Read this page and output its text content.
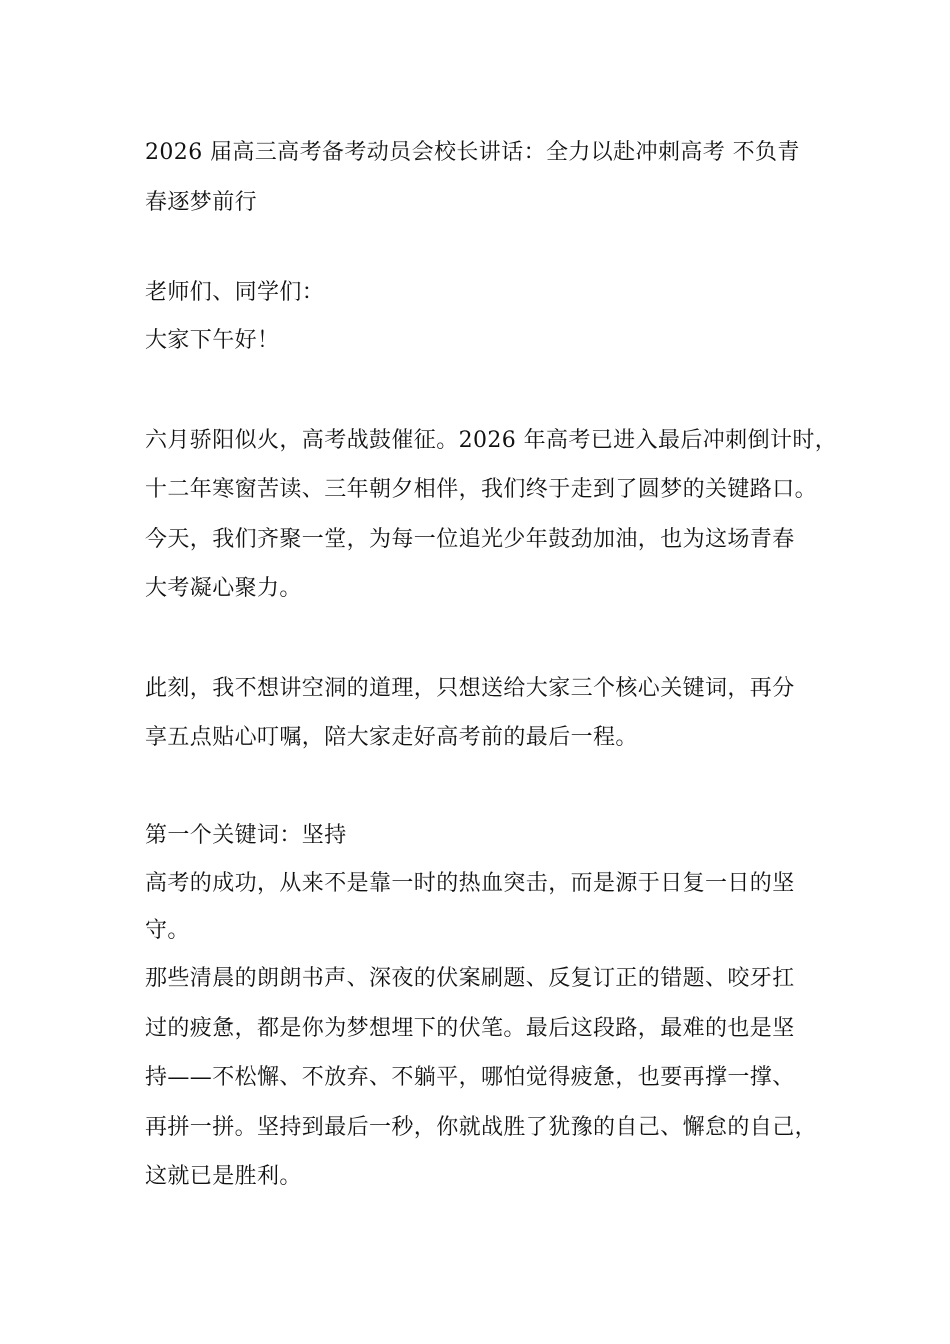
2026 届高三高考备考动员会校长讲话：全力以赴冲刺高考 不负青
春逐梦前行
老师们、同学们：
大家下午好！
六月骄阳似火，高考战鼓催征。2026 年高考已进入最后冲刺倒计时，
十二年寒窗苦读、三年朝夕相伴，我们终于走到了圆梦的关键路口。
今天，我们齐聚一堂，为每一位追光少年鼓劲加油，也为这场青春
大考凝心聚力。
此刻，我不想讲空洞的道理，只想送给大家三个核心关键词，再分
享五点贴心叮嘱，陪大家走好高考前的最后一程。
第一个关键词：坚持
高考的成功，从来不是靠一时的热血突击，而是源于日复一日的坚
守。
那些清晨的朗朗书声、深夜的伏案刷题、反复订正的错题、咬牙扛
过的疲惫，都是你为梦想埋下的伏笔。最后这段路，最难的也是坚
持——不松懈、不放弃、不躺平，哪怕觉得疲惫，也要再撑一撑、
再拼一拼。坚持到最后一秒，你就战胜了犹豫的自己、懈怠的自己，
这就已是胜利。
